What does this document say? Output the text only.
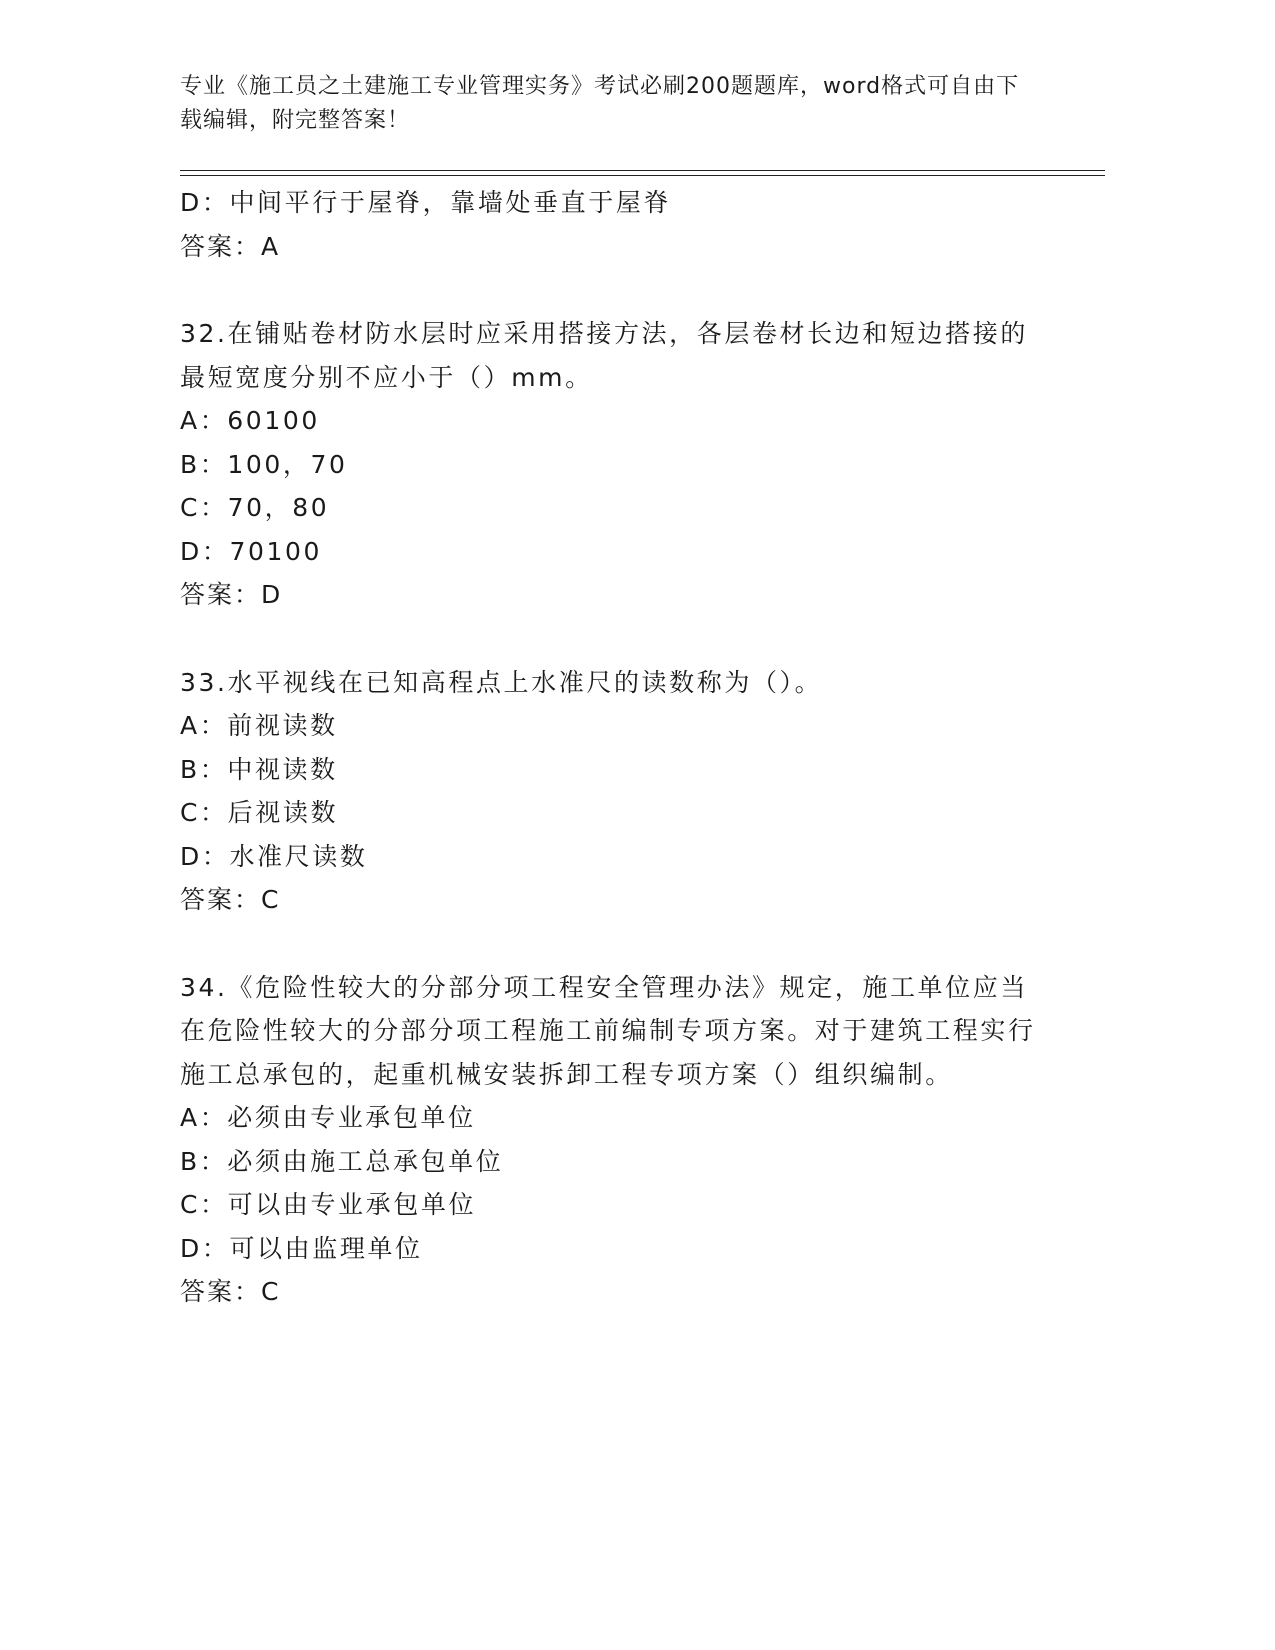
专业《施工员之土建施工专业管理实务》考试必刷200题题库，word格式可自由下载编辑，附完整答案！
D：中间平行于屋脊，靠墙处垂直于屋脊
答案：A
32.在铺贴卷材防水层时应采用搭接方法，各层卷材长边和短边搭接的最短宽度分别不应小于（）mm。
A：60100
B：100，70
C：70，80
D：70100
答案：D
33.水平视线在已知高程点上水准尺的读数称为（）。
A：前视读数
B：中视读数
C：后视读数
D：水准尺读数
答案：C
34.《危险性较大的分部分项工程安全管理办法》规定，施工单位应当在危险性较大的分部分项工程施工前编制专项方案。对于建筑工程实行施工总承包的，起重机械安装拆卸工程专项方案（）组织编制。
A：必须由专业承包单位
B：必须由施工总承包单位
C：可以由专业承包单位
D：可以由监理单位
答案：C
